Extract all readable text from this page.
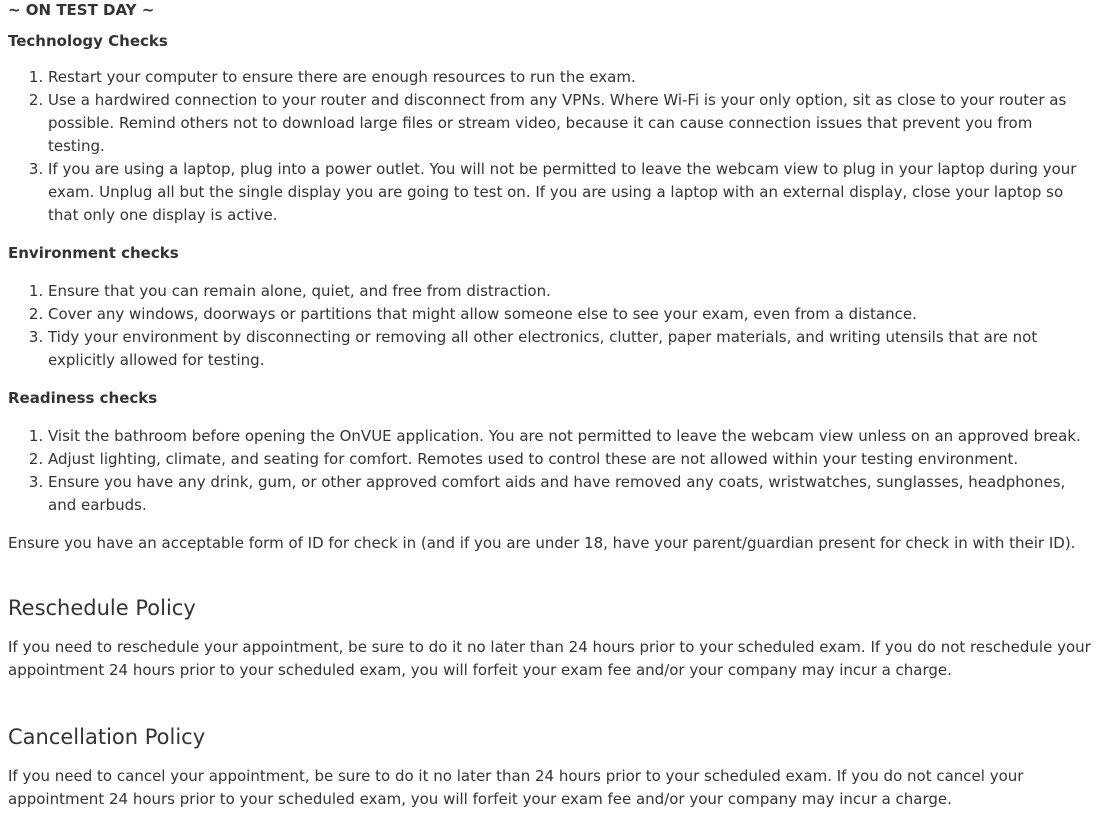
~ ON TEST DAY ~

Technology Checks

1. Restart your computer to ensure there are enough resources to run the exam.
2. Use a hardwired connection to your router and disconnect from any VPNs. Where Wi-Fi is your only option, sit as close to your router as possible. Remind others not to download large files or stream video, because it can cause connection issues that prevent you from testing.
3. If you are using a laptop, plug into a power outlet. You will not be permitted to leave the webcam view to plug in your laptop during your exam. Unplug all but the single display you are going to test on. If you are using a laptop with an external display, close your laptop so that only one display is active.

Environment checks

1. Ensure that you can remain alone, quiet, and free from distraction.
2. Cover any windows, doorways or partitions that might allow someone else to see your exam, even from a distance.
3. Tidy your environment by disconnecting or removing all other electronics, clutter, paper materials, and writing utensils that are not explicitly allowed for testing.

Readiness checks

1. Visit the bathroom before opening the OnVUE application. You are not permitted to leave the webcam view unless on an approved break.
2. Adjust lighting, climate, and seating for comfort. Remotes used to control these are not allowed within your testing environment.
3. Ensure you have any drink, gum, or other approved comfort aids and have removed any coats, wristwatches, sunglasses, headphones, and earbuds.

Ensure you have an acceptable form of ID for check in (and if you are under 18, have your parent/guardian present for check in with their ID).

Reschedule Policy

If you need to reschedule your appointment, be sure to do it no later than 24 hours prior to your scheduled exam. If you do not reschedule your appointment 24 hours prior to your scheduled exam, you will forfeit your exam fee and/or your company may incur a charge.

Cancellation Policy

If you need to cancel your appointment, be sure to do it no later than 24 hours prior to your scheduled exam. If you do not cancel your appointment 24 hours prior to your scheduled exam, you will forfeit your exam fee and/or your company may incur a charge.
